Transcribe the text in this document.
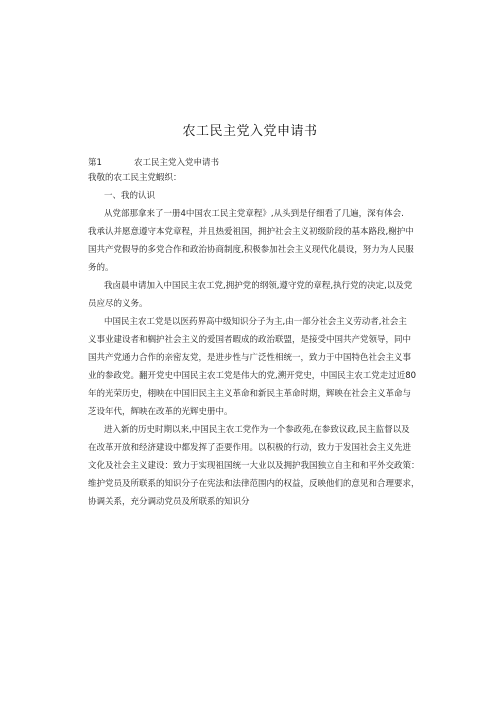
农工民主党入党申请书
第1	农工民主党入党申请书
我敬的农工民主党蝦织：
一、我的认识
从党部那拿来了一册4中国农工民主党章程》,从头到是仔细看了几遍，深有体会.
我承认并愿意遵守本党章程，并且热爱祖国，拥护社会主义初级阶段的基本路段,榭护中
国共产党假导的多党合作和政治协商制度,积极参加社会主义现代化晨设，努力为人民服
务的。
我卤晨申请加入中国民主农工党,拥护党的纲领,遵守党的章程,执行党的决定,以及党
员应尽的义务。
中国民主农工党是以医药界高中级知识分子为主,由一部分社会主义劳动者,社会主
义事业建设者和榈护社会主义的爱国者暇成的政治联盟，是接受中国共产党领导，同中
国共产党通力合作的亲密友党，是进步性与广泛性相统一，致力于中国特色社会主义事
业的参政党。翻开党史中国民主农工党是伟大的党,溯开党史，中国民主农工党走过近80
年的光荣历史，栩映在中国旧民主主义革命和新民主革命时期，辉映在社会主义革命与
芝设年代，辉映在改革的光辉史册中。
进入新的历史时期以来,中国民主农工党作为一个参政苑,在参致议政,民主监督以及
在改革开放和经济建设中都发挥了歪要作用。以积极的行动，致力于发国社会主义先进
文化及社会主义建设：致力于实现祖国统一大业以及拥护我国独立自主和和平外交政策：
维护党员及所联系的知识分子在宪法和法律范围内的权益，反映他们的意见和合理要求，
协调关系，充分调动党员及所联系的知识分
